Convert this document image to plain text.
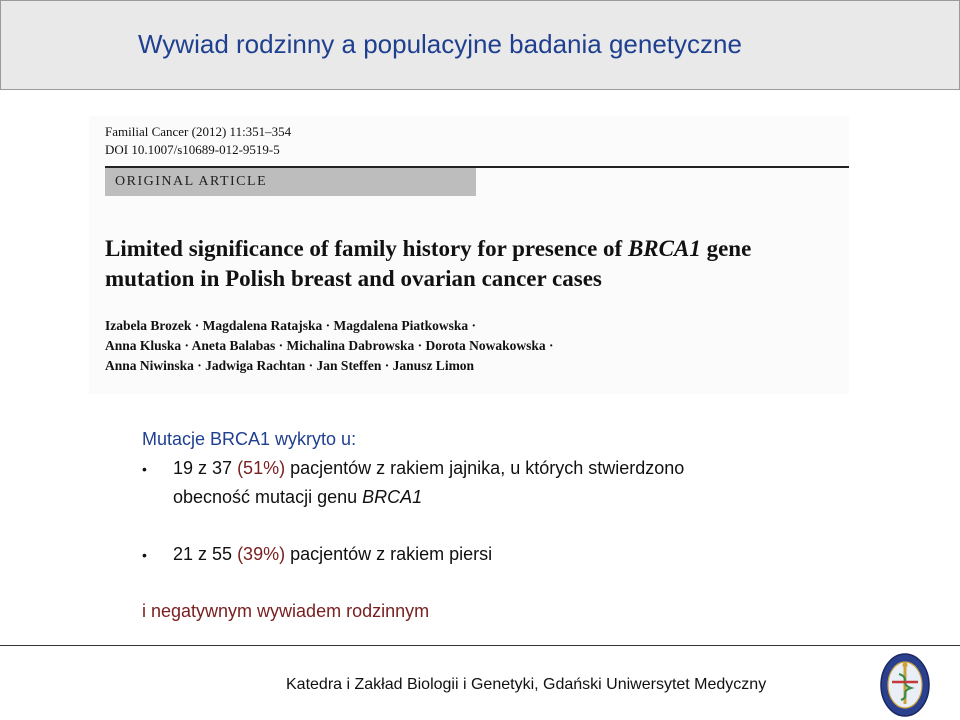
Wywiad rodzinny a populacyjne badania genetyczne
Familial Cancer (2012) 11:351–354
DOI 10.1007/s10689-012-9519-5
ORIGINAL ARTICLE
Limited significance of family history for presence of BRCA1 gene mutation in Polish breast and ovarian cancer cases
Izabela Brozek · Magdalena Ratajska · Magdalena Piatkowska ·
Anna Kluska · Aneta Balabas · Michalina Dabrowska · Dorota Nowakowska ·
Anna Niwinska · Jadwiga Rachtan · Jan Steffen · Janusz Limon
Mutacje BRCA1 wykryto u:
• 19 z 37 (51%) pacjentów z rakiem jajnika, u których stwierdzono
obecność mutacji genu BRCA1
• 21 z 55 (39%) pacjentów z rakiem piersi
i negatywnym wywiadem rodzinnym
Katedra i Zakład Biologii i Genetyki, Gdański Uniwersytet Medyczny
